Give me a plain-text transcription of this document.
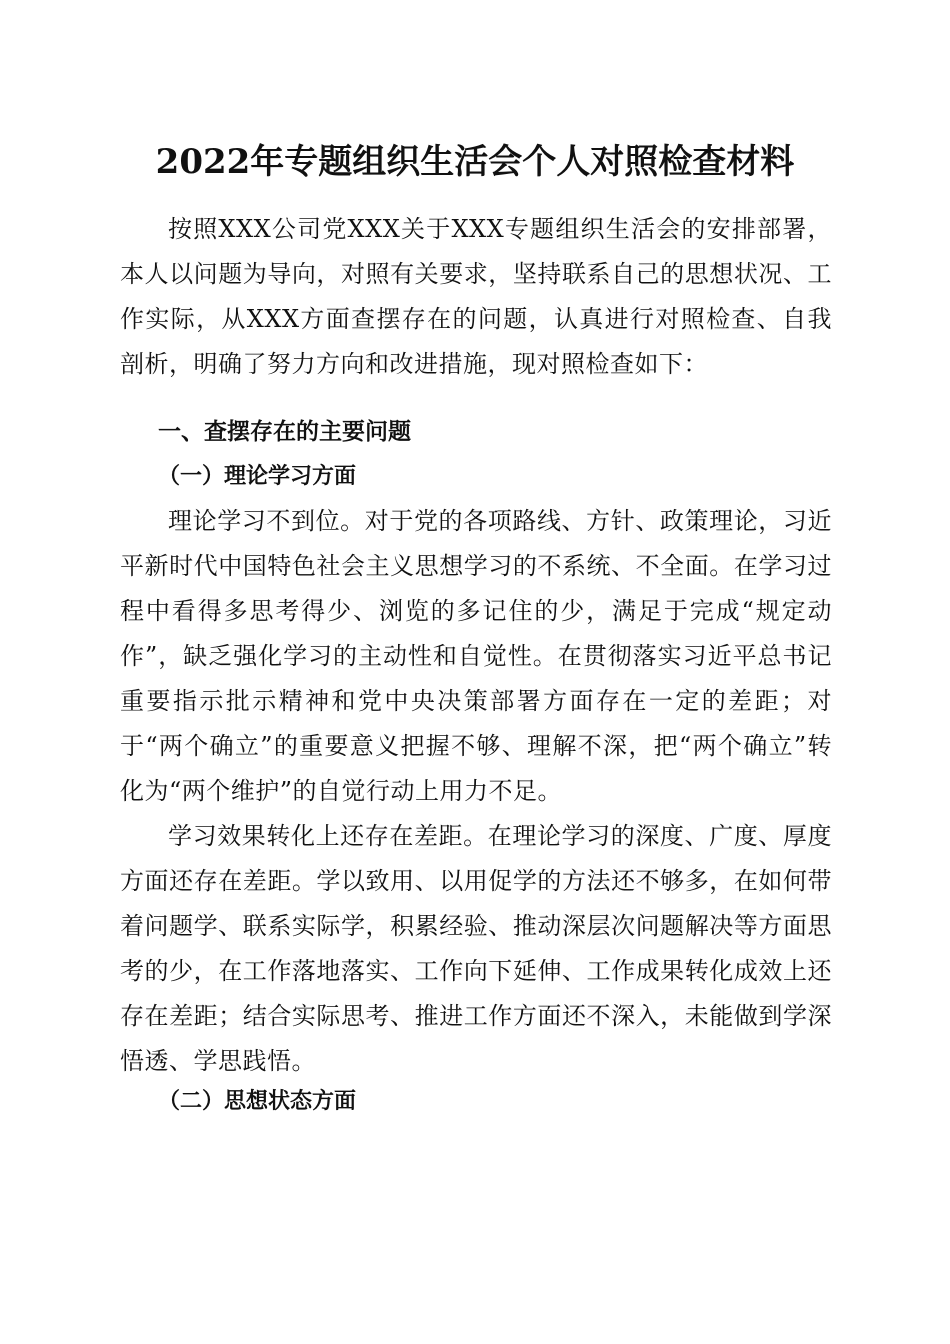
2022年专题组织生活会个人对照检查材料
按照XXX公司党XXX关于XXX专题组织生活会的安排部署，本人以问题为导向，对照有关要求，坚持联系自己的思想状况、工作实际，从XXX方面查摆存在的问题，认真进行对照检查、自我剖析，明确了努力方向和改进措施，现对照检查如下：
一、查摆存在的主要问题
（一）理论学习方面
理论学习不到位。对于党的各项路线、方针、政策理论，习近平新时代中国特色社会主义思想学习的不系统、不全面。在学习过程中看得多思考得少、浏览的多记住的少，满足于完成“规定动作”，缺乏强化学习的主动性和自觉性。在贯彻落实习近平总书记重要指示批示精神和党中央决策部署方面存在一定的差距；对于“两个确立”的重要意义把握不够、理解不深，把“两个确立”转化为“两个维护”的自觉行动上用力不足。
学习效果转化上还存在差距。在理论学习的深度、广度、厚度方面还存在差距。学以致用、以用促学的方法还不够多，在如何带着问题学、联系实际学，积累经验、推动深层次问题解决等方面思考的少，在工作落地落实、工作向下延伸、工作成果转化成效上还存在差距；结合实际思考、推进工作方面还不深入，未能做到学深悟透、学思践悟。
（二）思想状态方面
